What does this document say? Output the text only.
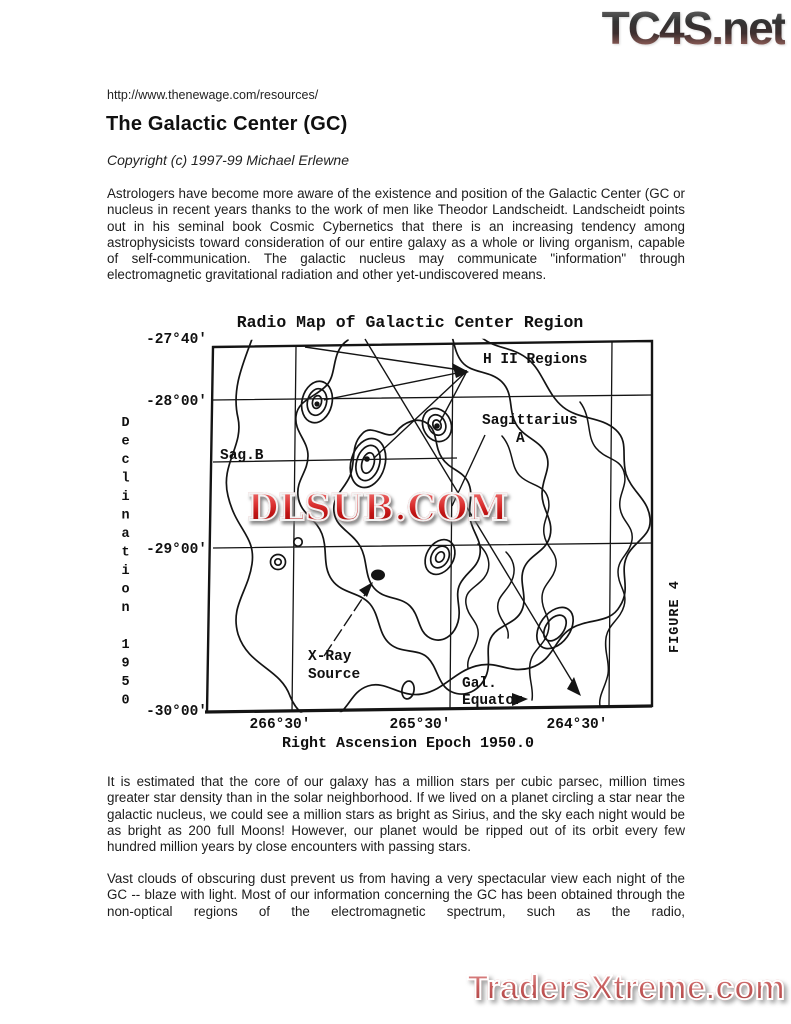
TC4S.net
http://www.thenewage.com/resources/
The Galactic Center (GC)
Copyright (c) 1997-99 Michael Erlewne
Astrologers have become more aware of the existence and position of the Galactic Center (GC or nucleus in recent years thanks to the work of men like Theodor Landscheidt. Landscheidt points out in his seminal book Cosmic Cybernetics that there is an increasing tendency among astrophysicists toward consideration of our entire galaxy as a whole or living organism, capable of self-communication. The galactic nucleus may communicate "information" through electromagnetic gravitational radiation and other yet-undiscovered means.
Radio Map of Galactic Center Region
Declination 1950
-27°40'
-28°00'
-29°00'
-30°00'
266°30'	265°30'	264°30'
Right Ascension Epoch 1950.0
H II Regions
Sagittarius
A
Sag.B
X-Ray
Source
Gal.
Equator
FIGURE 4
DLSUB.COM
It is estimated that the core of our galaxy has a million stars per cubic parsec, million times greater star density than in the solar neighborhood. If we lived on a planet circling a star near the galactic nucleus, we could see a million stars as bright as Sirius, and the sky each night would be as bright as 200 full Moons! However, our planet would be ripped out of its orbit every few hundred million years by close encounters with passing stars.
Vast clouds of obscuring dust prevent us from having a very spectacular view each night of the GC -- blaze with light. Most of our information concerning the GC has been obtained through the non-optical regions of the electromagnetic spectrum, such as the radio,
TradersXtreme.com
